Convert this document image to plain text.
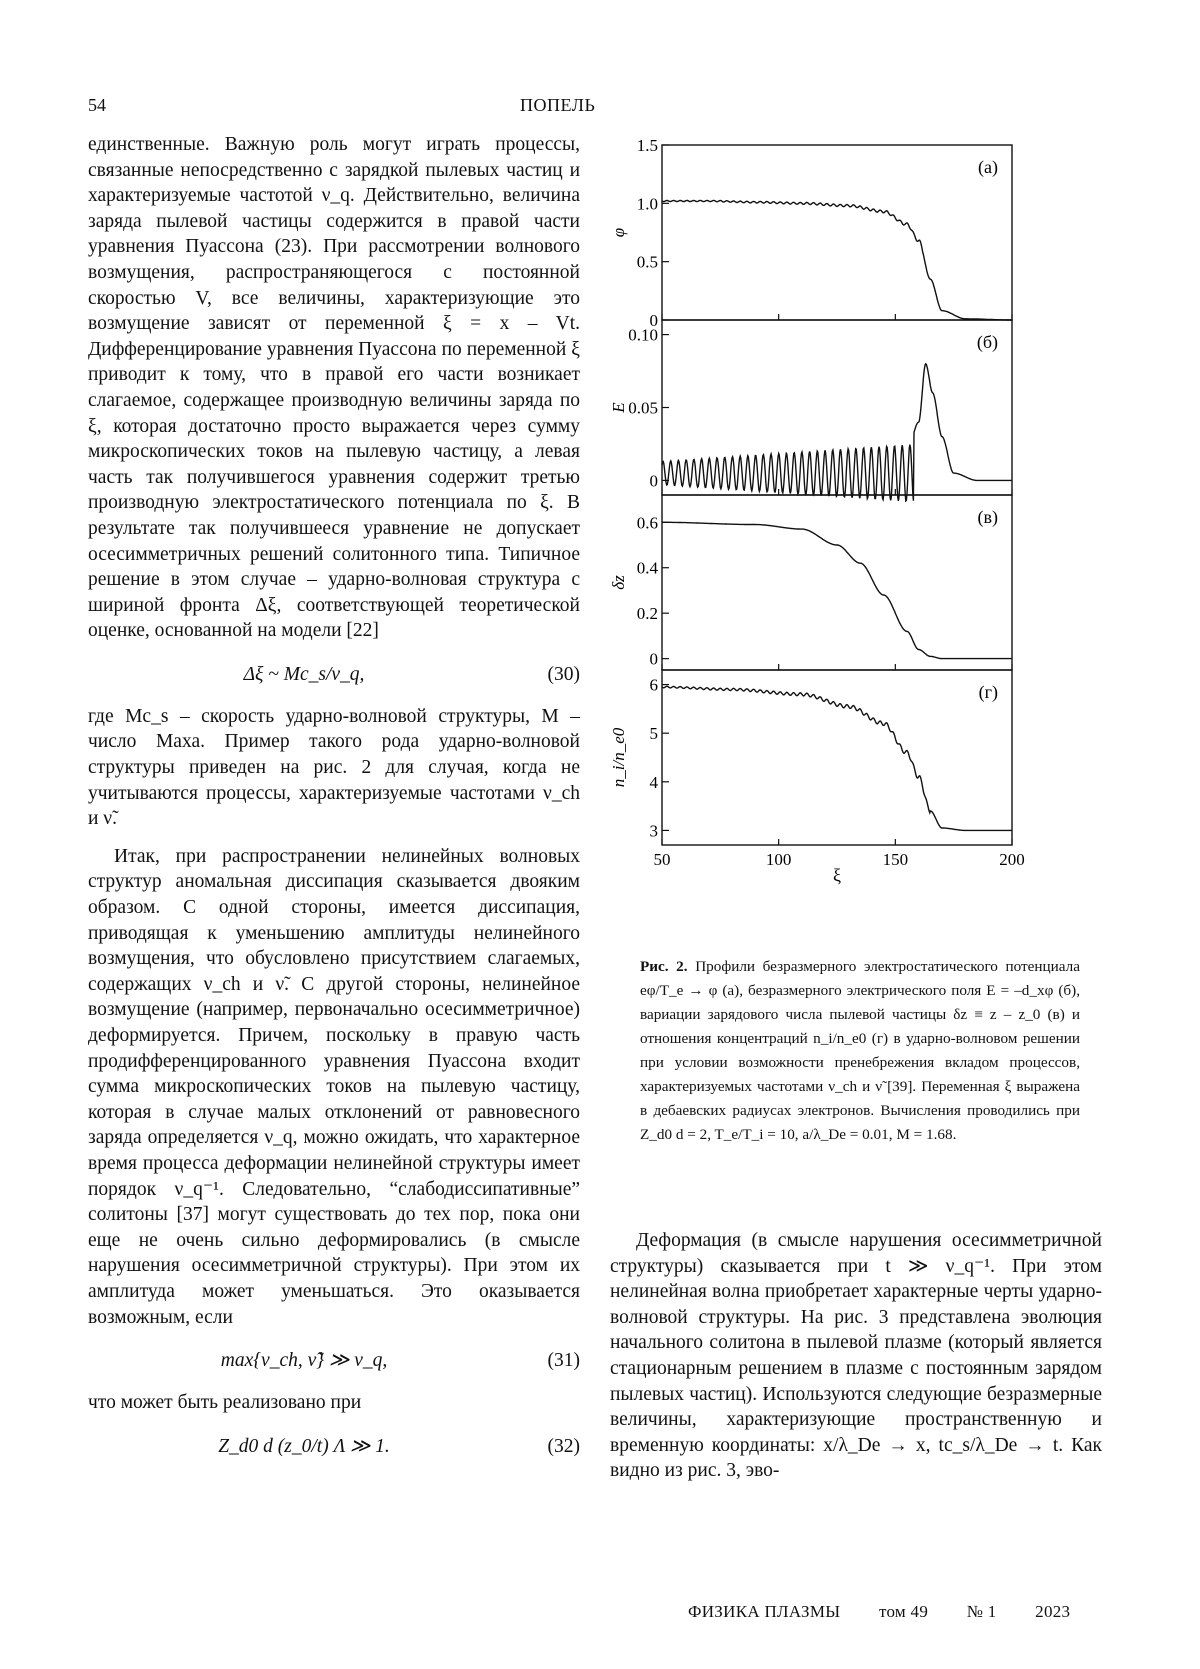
54	ПОПЕЛЬ

единственные. Важную роль могут играть процессы, связанные непосредственно с зарядкой пылевых частиц и характеризуемые частотой ν_q. Действительно, величина заряда пылевой частицы содержится в правой части уравнения Пуассона (23). При рассмотрении волнового возмущения, распространяющегося с постоянной скоростью V, все величины, характеризующие это возмущение зависят от переменной ξ = x – Vt. Дифференцирование уравнения Пуассона по переменной ξ приводит к тому, что в правой его части возникает слагаемое, содержащее производную величины заряда по ξ, которая достаточно просто выражается через сумму микроскопических токов на пылевую частицу, а левая часть так получившегося уравнения содержит третью производную электростатического потенциала по ξ. В результате так получившееся уравнение не допускает осесимметричных решений солитонного типа. Типичное решение в этом случае – ударно-волновая структура с шириной фронта Δξ, соответствующей теоретической оценке, основанной на модели [22]

Δξ ~ Mc_s/ν_q,	(30)

где Mc_s – скорость ударно-волновой структуры, M – число Маха. Пример такого рода ударно-волновой структуры приведен на рис. 2 для случая, когда не учитываются процессы, характеризуемые частотами ν_ch и ν̃.

Итак, при распространении нелинейных волновых структур аномальная диссипация сказывается двояким образом. С одной стороны, имеется диссипация, приводящая к уменьшению амплитуды нелинейного возмущения, что обусловлено присутствием слагаемых, содержащих ν_ch и ν̃. С другой стороны, нелинейное возмущение (например, первоначально осесимметричное) деформируется. Причем, поскольку в правую часть продифференцированного уравнения Пуассона входит сумма микроскопических токов на пылевую частицу, которая в случае малых отклонений от равновесного заряда определяется ν_q, можно ожидать, что характерное время процесса деформации нелинейной структуры имеет порядок ν_q⁻¹. Следовательно, “слабодиссипативные” солитоны [37] могут существовать до тех пор, пока они еще не очень сильно деформировались (в смысле нарушения осесимметричной структуры). При этом их амплитуда может уменьшаться. Это оказывается возможным, если

max{ν_ch, ν̃} ≫ ν_q,	(31)

что может быть реализовано при

Z_d0 d (z_0/t) Λ ≫ 1.	(32)
1.5
1.0
0.5
0
(а)
φ
0.10
0.05
0
(б)
E
0.6
0.4
0.2
0
(в)
δz
6
5
4
3
(г)
n_i/n_e0
50	100	150	200
ξ
Рис. 2. Профили безразмерного электростатического потенциала eφ/T_e → φ (а), безразмерного электрического поля E = –d_xφ (б), вариации зарядового числа пылевой частицы δz ≡ z – z_0 (в) и отношения концентраций n_i/n_e0 (г) в ударно-волновом решении при условии возможности пренебрежения вкладом процессов, характеризуемых частотами ν_ch и ν̃ [39]. Переменная ξ выражена в дебаевских радиусах электронов. Вычисления проводились при Z_d0 d = 2, T_e/T_i = 10, a/λ_De = 0.01, M = 1.68.

Деформация (в смысле нарушения осесимметричной структуры) сказывается при t ≫ ν_q⁻¹. При этом нелинейная волна приобретает характерные черты ударно-волновой структуры. На рис. 3 представлена эволюция начального солитона в пылевой плазме (который является стационарным решением в плазме с постоянным зарядом пылевых частиц). Используются следующие безразмерные величины, характеризующие пространственную и временную координаты: x/λ_De → x, tc_s/λ_De → t. Как видно из рис. 3, эво-

ФИЗИКА ПЛАЗМЫ том 49 № 1 2023
